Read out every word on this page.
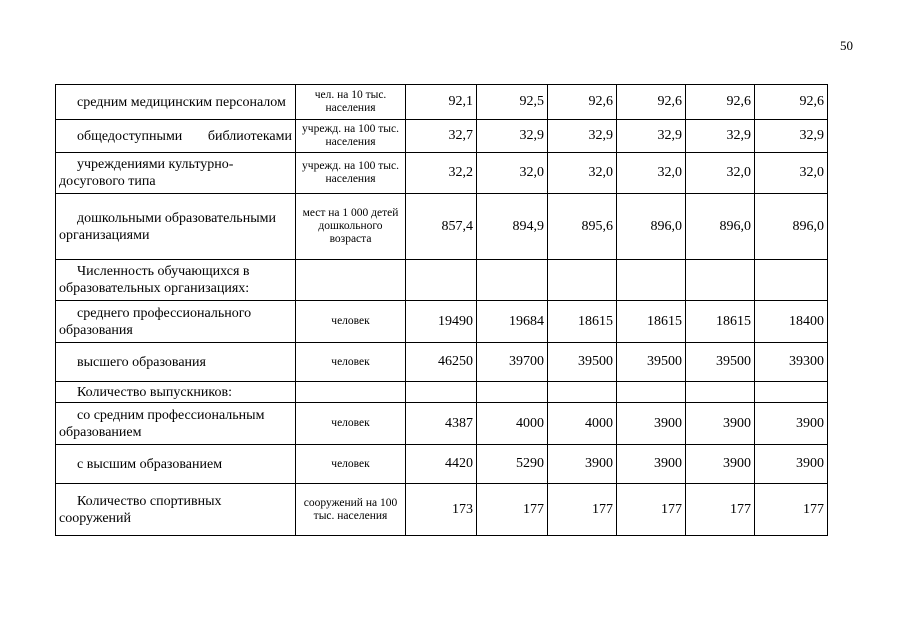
50
средним медицинским персоналом	чел. на 10 тыс. населения	92,1	92,5	92,6	92,6	92,6	92,6

общедоступными библиотеками	учрежд. на 100 тыс. населения	32,7	32,9	32,9	32,9	32,9	32,9

учреждениями культурно-досугового типа	учрежд. на 100 тыс. населения	32,2	32,0	32,0	32,0	32,0	32,0

дошкольными образовательными организациями	мест на 1 000 детей дошкольного возраста	857,4	894,9	895,6	896,0	896,0	896,0

Численность обучающихся в образовательных организациях:							

среднего профессионального образования	человек	19490	19684	18615	18615	18615	18400

высшего образования	человек	46250	39700	39500	39500	39500	39300

Количество выпускников:							

со средним профессиональным образованием	человек	4387	4000	4000	3900	3900	3900

с высшим образованием	человек	4420	5290	3900	3900	3900	3900

Количество спортивных сооружений	сооружений на 100 тыс. населения	173	177	177	177	177	177
